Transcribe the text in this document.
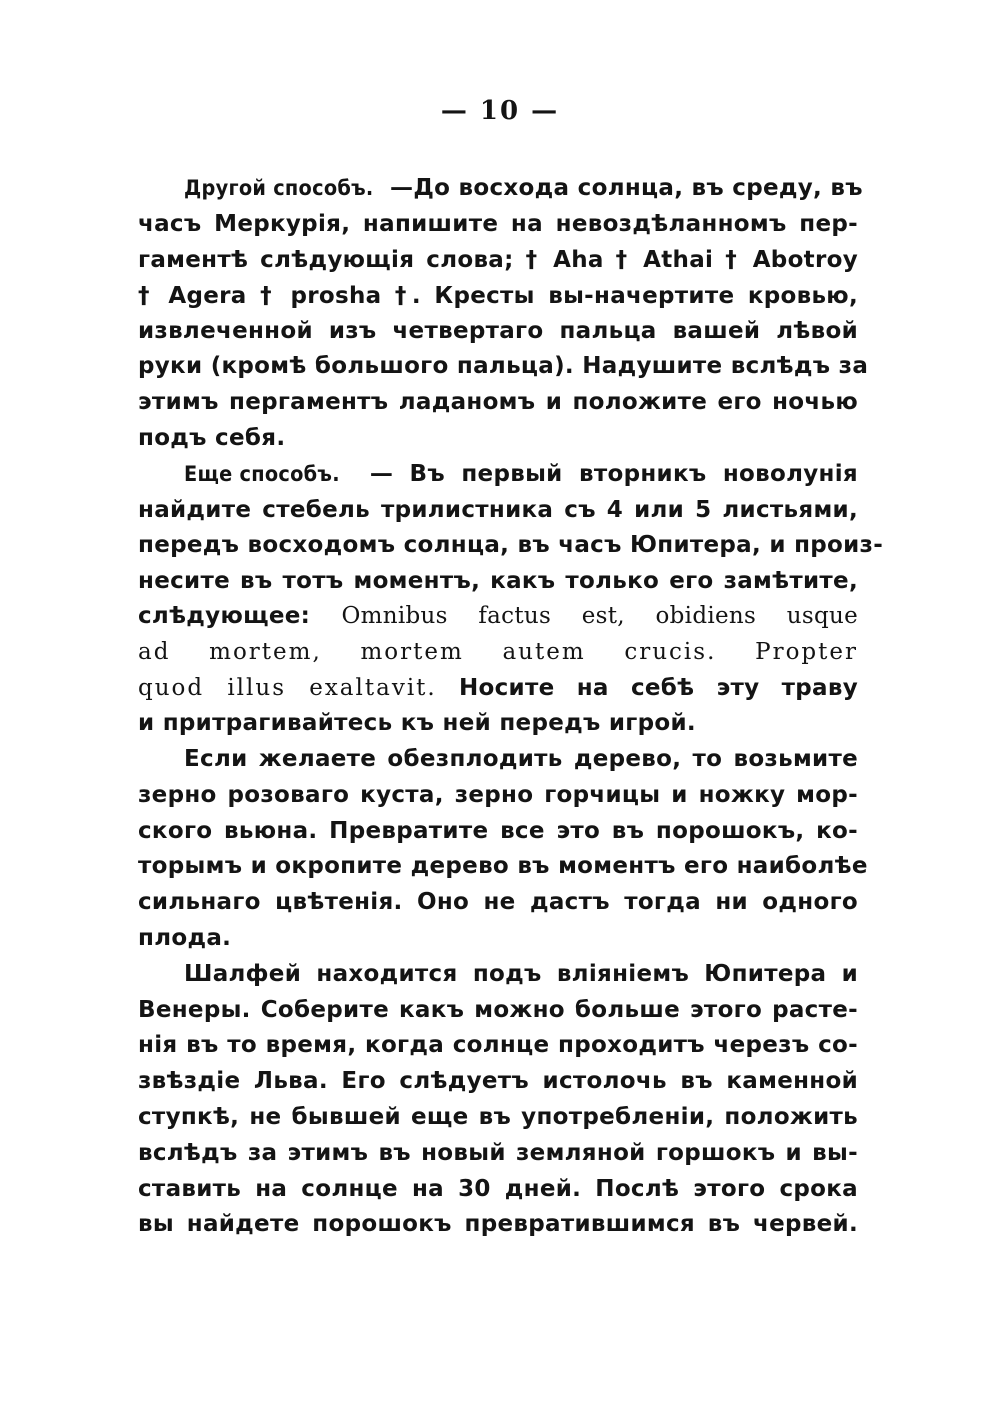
— 10 —
Другой способъ. —До восхода солнца, въ среду, въ
часъ Меркурія, напишите на невоздѣланномъ пер-
гаментѣ слѣдующія слова; † Aha † Athai † Abotroy
† Agera † prosha †. Кресты вы-начертите кровью,
извлеченной изъ четвертаго пальца вашей лѣвой
руки (кромѣ большого пальца). Надушите вслѣдъ за
этимъ пергаментъ ладаномъ и положите его ночью
подъ себя.
Еще способъ. — Въ первый вторникъ новолунія
найдите стебель трилистника съ 4 или 5 листьями,
передъ восходомъ солнца, въ часъ Юпитера, и произ-
несите въ тотъ моментъ, какъ только его замѣтите,
слѣдующее: Omnibus factus est, obidiens usque
ad mortem, mortem autem crucis. Propter
quod illus exaltavit. Носите на себѣ эту траву
и притрагивайтесь къ ней передъ игрой.
Если желаете обезплодить дерево, то возьмите
зерно розоваго куста, зерно горчицы и ножку мор-
ского вьюна. Превратите все это въ порошокъ, ко-
торымъ и окропите дерево въ моментъ его наиболѣе
сильнаго цвѣтенія. Оно не дастъ тогда ни одного
плода.
Шалфей находится подъ вліяніемъ Юпитера и
Венеры. Соберите какъ можно больше этого расте-
нія въ то время, когда солнце проходитъ черезъ со-
звѣздіе Льва. Его слѣдуетъ истолочь въ каменной
ступкѣ, не бывшей еще въ употребленіи, положить
вслѣдъ за этимъ въ новый земляной горшокъ и вы-
ставить на солнце на 30 дней. Послѣ этого срока
вы найдете порошокъ превратившимся въ червей.
